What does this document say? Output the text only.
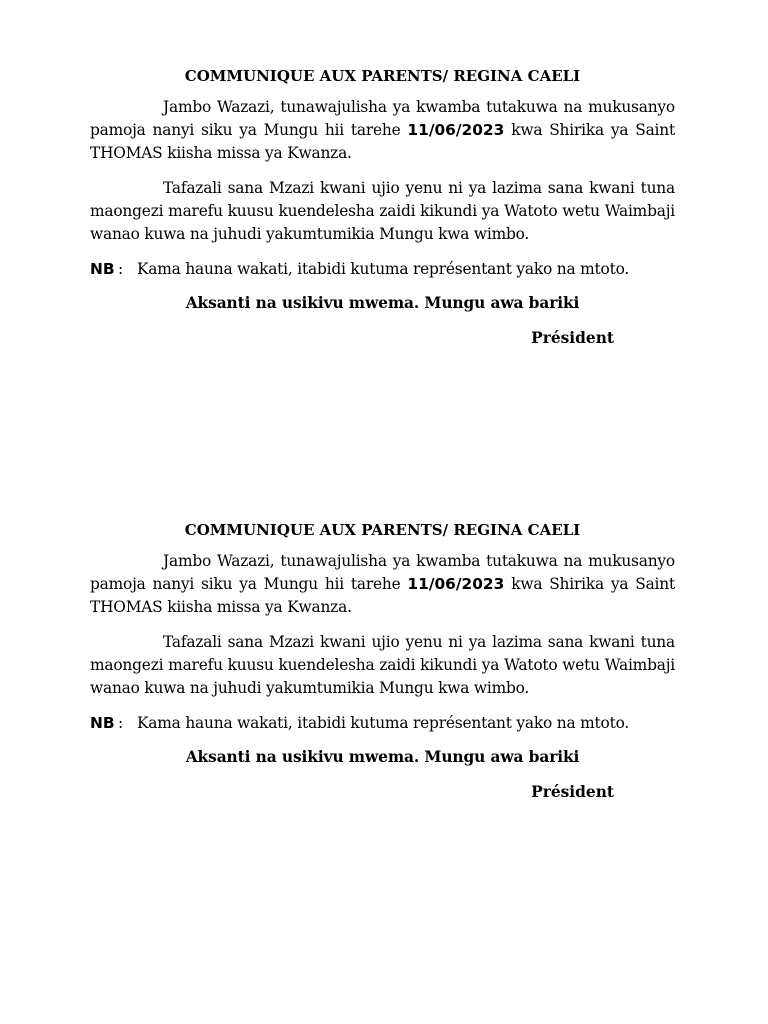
COMMUNIQUE AUX PARENTS/ REGINA CAELI

Jambo Wazazi, tunawajulisha ya kwamba tutakuwa na mukusanyo pamoja nanyi siku ya Mungu hii tarehe 11/06/2023 kwa Shirika ya Saint THOMAS kiisha missa ya Kwanza.

Tafazali sana Mzazi kwani ujio yenu ni ya lazima sana kwani tuna maongezi marefu kuusu kuendelesha zaidi kikundi ya Watoto wetu Waimbaji wanao kuwa na juhudi yakumtumikia Mungu kwa wimbo.

NB : Kama hauna wakati, itabidi kutuma représentant yako na mtoto.
Aksanti na usikivu mwema. Mungu awa bariki
Président
COMMUNIQUE AUX PARENTS/ REGINA CAELI

Jambo Wazazi, tunawajulisha ya kwamba tutakuwa na mukusanyo pamoja nanyi siku ya Mungu hii tarehe 11/06/2023 kwa Shirika ya Saint THOMAS kiisha missa ya Kwanza.

Tafazali sana Mzazi kwani ujio yenu ni ya lazima sana kwani tuna maongezi marefu kuusu kuendelesha zaidi kikundi ya Watoto wetu Waimbaji wanao kuwa na juhudi yakumtumikia Mungu kwa wimbo.

NB : Kama hauna wakati, itabidi kutuma représentant yako na mtoto.
Aksanti na usikivu mwema. Mungu awa bariki
Président
